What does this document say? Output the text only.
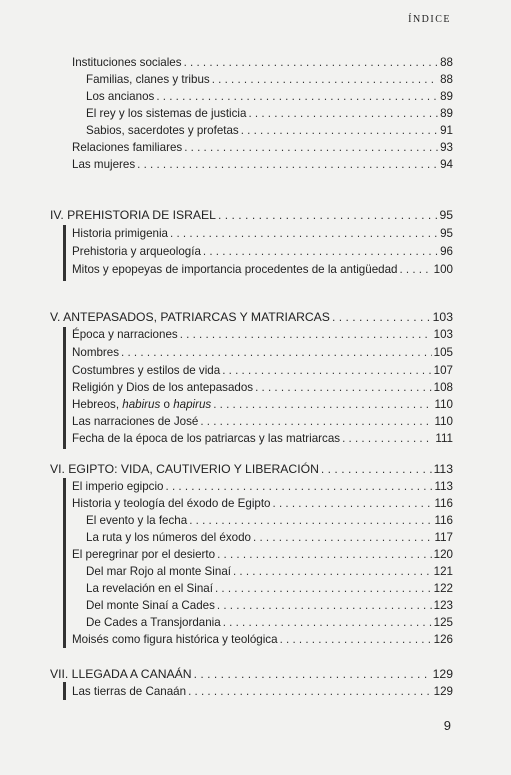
ÍNDICE
Instituciones sociales . . .	88
Familias, clanes y tribus . . .	88
Los ancianos . . .	89
El rey y los sistemas de justicia . . .	89
Sabios, sacerdotes y profetas . . .	91
Relaciones familiares . . .	93
Las mujeres . . .	94
IV. PREHISTORIA DE ISRAEL . . .	95
Historia primigenia . . .	95
Prehistoria y arqueología . . .	96
Mitos y epopeyas de importancia procedentes de la antigüedad . . .	100
V. ANTEPASADOS, PATRIARCAS Y MATRIARCAS . . .	103
Época y narraciones . . .	103
Nombres . . .	105
Costumbres y estilos de vida . . .	107
Religión y Dios de los antepasados . . .	108
Hebreos, habirus o hapirus . . .	110
Las narraciones de José . . .	110
Fecha de la época de los patriarcas y las matriarcas . . .	111
VI. EGIPTO: VIDA, CAUTIVERIO Y LIBERACIÓN . . .	113
El imperio egipcio . . .	113
Historia y teología del éxodo de Egipto . . .	116
El evento y la fecha . . .	116
La ruta y los números del éxodo . . .	117
El peregrinar por el desierto . . .	120
Del mar Rojo al monte Sinaí . . .	121
La revelación en el Sinaí . . .	122
Del monte Sinaí a Cades . . .	123
De Cades a Transjordania . . .	125
Moisés como figura histórica y teológica . . .	126
VII. LLEGADA A CANAÁN . . .	129
Las tierras de Canaán . . .	129
9
